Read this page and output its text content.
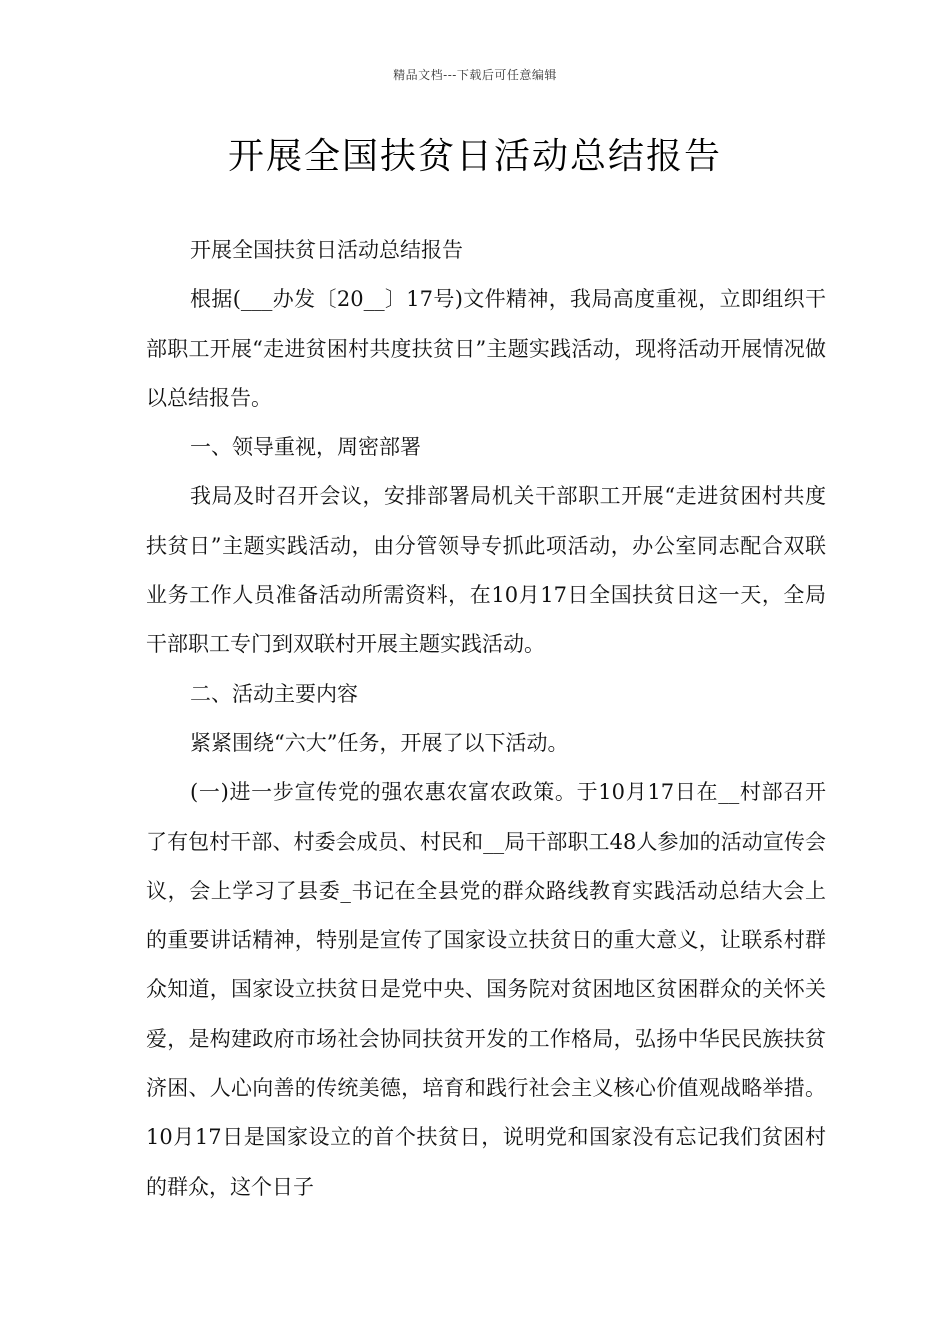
精品文档---下载后可任意编辑
开展全国扶贫日活动总结报告

开展全国扶贫日活动总结报告

根据(___办发〔20__〕17号)文件精神，我局高度重视，立即组织干部职工开展“走进贫困村共度扶贫日”主题实践活动，现将活动开展情况做以总结报告。

一、领导重视，周密部署

我局及时召开会议，安排部署局机关干部职工开展“走进贫困村共度扶贫日”主题实践活动，由分管领导专抓此项活动，办公室同志配合双联业务工作人员准备活动所需资料，在10月17日全国扶贫日这一天，全局干部职工专门到双联村开展主题实践活动。

二、活动主要内容

紧紧围绕“六大”任务，开展了以下活动。

(一)进一步宣传党的强农惠农富农政策。于10月17日在__村部召开了有包村干部、村委会成员、村民和__局干部职工48人参加的活动宣传会议，会上学习了县委_书记在全县党的群众路线教育实践活动总结大会上的重要讲话精神，特别是宣传了国家设立扶贫日的重大意义，让联系村群众知道，国家设立扶贫日是党中央、国务院对贫困地区贫困群众的关怀关爱，是构建政府市场社会协同扶贫开发的工作格局，弘扬中华民民族扶贫济困、人心向善的传统美德，培育和践行社会主义核心价值观战略举措。10月17日是国家设立的首个扶贫日，说明党和国家没有忘记我们贫困村的群众，这个日子
